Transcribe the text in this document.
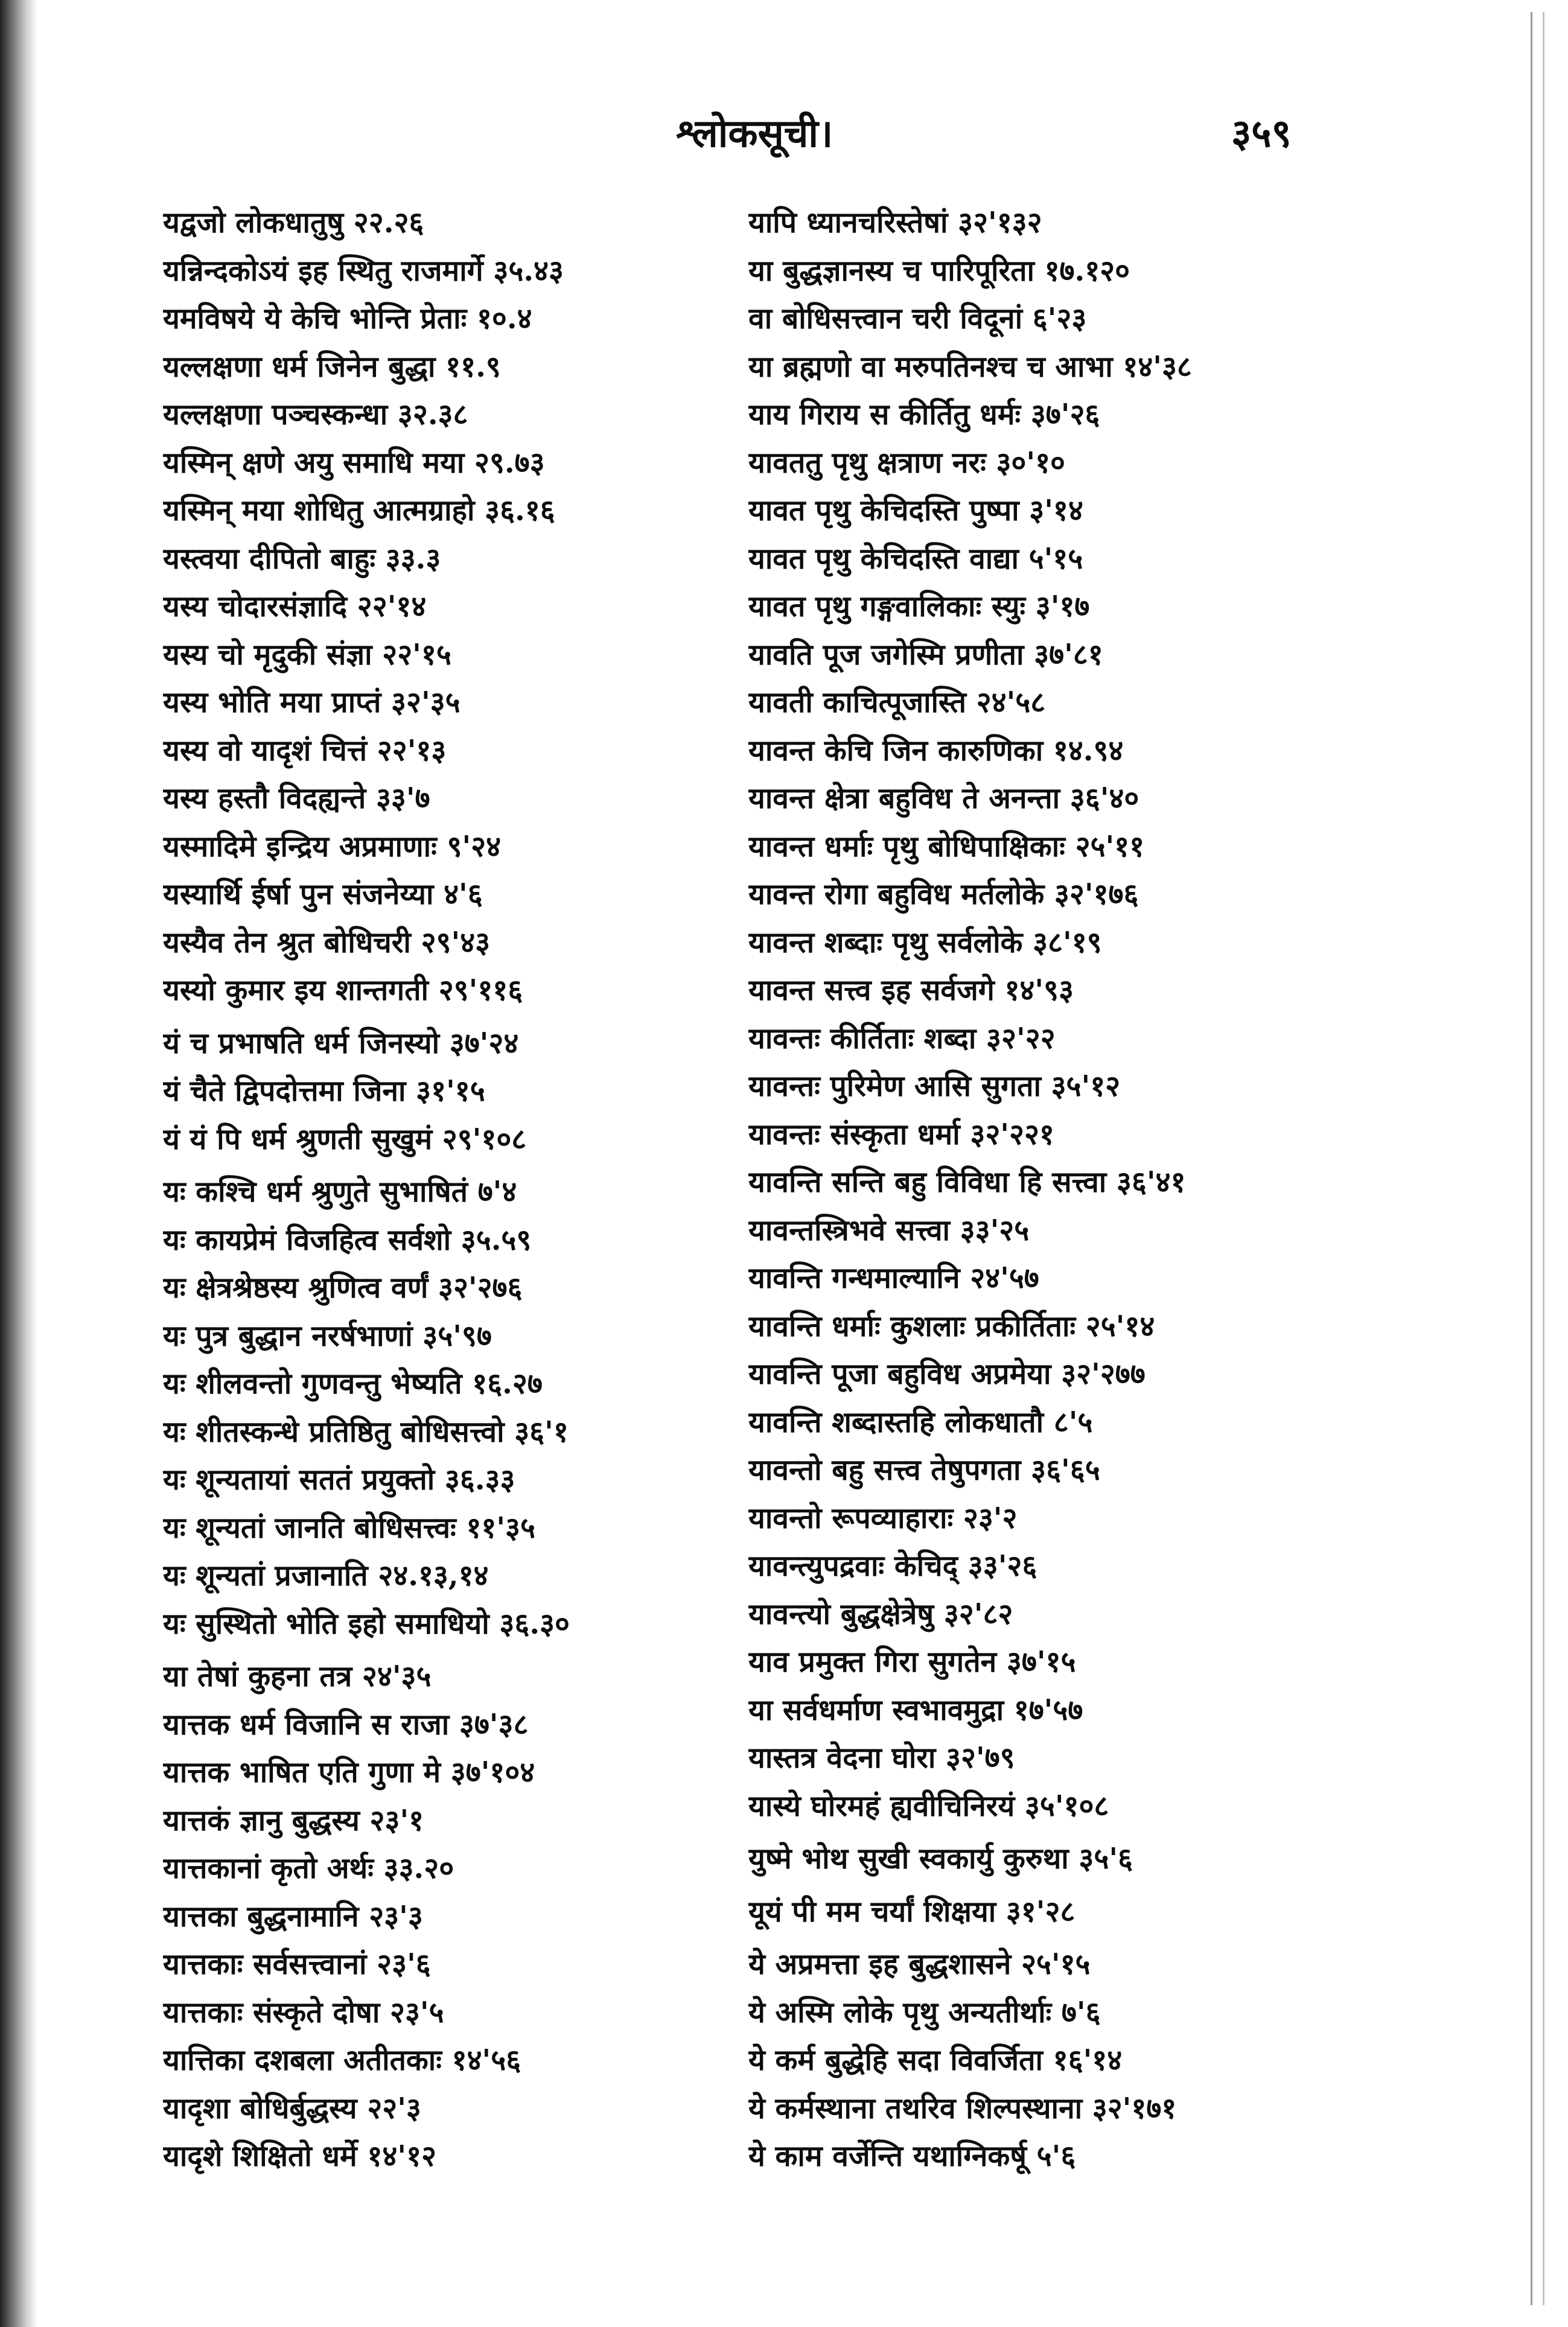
श्लोकसूची।	३५९
यद्वजो लोकधातुषु २२.२६
यन्निन्दकोऽयं इह स्थितु राजमार्गे ३५.४३
यमविषये ये केचि भोन्ति प्रेताः १०.४
यल्लक्षणा धर्म जिनेन बुद्धा ११.९
यल्लक्षणा पञ्चस्कन्धा ३२.३८
यस्मिन् क्षणे अयु समाधि मया २९.७३
यस्मिन् मया शोधितु आत्मग्राहो ३६.१६
यस्त्वया दीपितो बाहुः ३३.३
यस्य चोदारसंज्ञादि २२'१४
यस्य चो मृदुकी संज्ञा २२'१५
यस्य भोति मया प्राप्तं ३२'३५
यस्य वो यादृशं चित्तं २२'१३
यस्य हस्तौ विदह्यन्ते ३३'७
यस्मादिमे इन्द्रिय अप्रमाणाः ९'२४
यस्यार्थि ईर्षा पुन संजनेय्या ४'६
यस्यैव तेन श्रुत बोधिचरी २९'४३
यस्यो कुमार इय शान्तगती २९'११६
यं च प्रभाषति धर्म जिनस्यो ३७'२४
यं चैते द्विपदोत्तमा जिना ३१'१५
यं यं पि धर्म श्रुणती सुखुमं २९'१०८
यः कश्चि धर्म श्रुणुते सुभाषितं ७'४
यः कायप्रेमं विजहित्व सर्वशो ३५.५९
यः क्षेत्रश्रेष्ठस्य श्रुणित्व वर्णं ३२'२७६
यः पुत्र बुद्धान नरर्षभाणां ३५'९७
यः शीलवन्तो गुणवन्तु भेष्यति १६.२७
यः शीतस्कन्धे प्रतिष्ठितु बोधिसत्त्वो ३६'१
यः शून्यतायां सततं प्रयुक्तो ३६.३३
यः शून्यतां जानति बोधिसत्त्वः ११'३५
यः शून्यतां प्रजानाति २४.१३,१४
यः सुस्थितो भोति इहो समाधियो ३६.३०
या तेषां कुहना तत्र २४'३५
यात्तक धर्म विजानि स राजा ३७'३८
यात्तक भाषित एति गुणा मे ३७'१०४
यात्तकं ज्ञानु बुद्धस्य २३'१
यात्तकानां कृतो अर्थः ३३.२०
यात्तका बुद्धनामानि २३'३
यात्तकाः सर्वसत्त्वानां २३'६
यात्तकाः संस्कृते दोषा २३'५
यात्तिका दशबला अतीतकाः १४'५६
यादृशा बोधिर्बुद्धस्य २२'३
यादृशे शिक्षितो धर्मे १४'१२
यापि ध्यानचरिस्तेषां ३२'१३२
या बुद्धज्ञानस्य च पारिपूरिता १७.१२०
वा बोधिसत्त्वान चरी विदूनां ६'२३
या ब्रह्मणो वा मरुपतिनश्च च आभा १४'३८
याय गिराय स कीर्तितु धर्मः ३७'२६
यावततु पृथु क्षत्राण नरः ३०'१०
यावत पृथु केचिदस्ति पुष्पा ३'१४
यावत पृथु केचिदस्ति वाद्या ५'१५
यावत पृथु गङ्गवालिकाः स्युः ३'१७
यावति पूज जगेस्मि प्रणीता ३७'८१
यावती काचित्पूजास्ति २४'५८
यावन्त केचि जिन कारुणिका १४.९४
यावन्त क्षेत्रा बहुविध ते अनन्ता ३६'४०
यावन्त धर्माः पृथु बोधिपाक्षिकाः २५'११
यावन्त रोगा बहुविध मर्तलोके ३२'१७६
यावन्त शब्दाः पृथु सर्वलोके ३८'१९
यावन्त सत्त्व इह सर्वजगे १४'९३
यावन्तः कीर्तिताः शब्दा ३२'२२
यावन्तः पुरिमेण आसि सुगता ३५'१२
यावन्तः संस्कृता धर्मा ३२'२२१
यावन्ति सन्ति बहु विविधा हि सत्त्वा ३६'४१
यावन्तस्त्रिभवे सत्त्वा ३३'२५
यावन्ति गन्धमाल्यानि २४'५७
यावन्ति धर्माः कुशलाः प्रकीर्तिताः २५'१४
यावन्ति पूजा बहुविध अप्रमेया ३२'२७७
यावन्ति शब्दास्तहि लोकधातौ ८'५
यावन्तो बहु सत्त्व तेषुपगता ३६'६५
यावन्तो रूपव्याहाराः २३'२
यावन्त्युपद्रवाः केचिद् ३३'२६
यावन्त्यो बुद्धक्षेत्रेषु ३२'८२
याव प्रमुक्त गिरा सुगतेन ३७'१५
या सर्वधर्माण स्वभावमुद्रा १७'५७
यास्तत्र वेदना घोरा ३२'७९
यास्ये घोरमहं ह्यवीचिनिरयं ३५'१०८
युष्मे भोथ सुखी स्वकार्यु कुरुथा ३५'६
यूयं पी मम चर्यां शिक्षया ३१'२८
ये अप्रमत्ता इह बुद्धशासने २५'१५
ये अस्मि लोके पृथु अन्यतीर्थाः ७'६
ये कर्म बुद्धेहि सदा विवर्जिता १६'१४
ये कर्मस्थाना तथरिव शिल्पस्थाना ३२'१७१
ये काम वर्जेन्ति यथाग्निकर्षू ५'६
